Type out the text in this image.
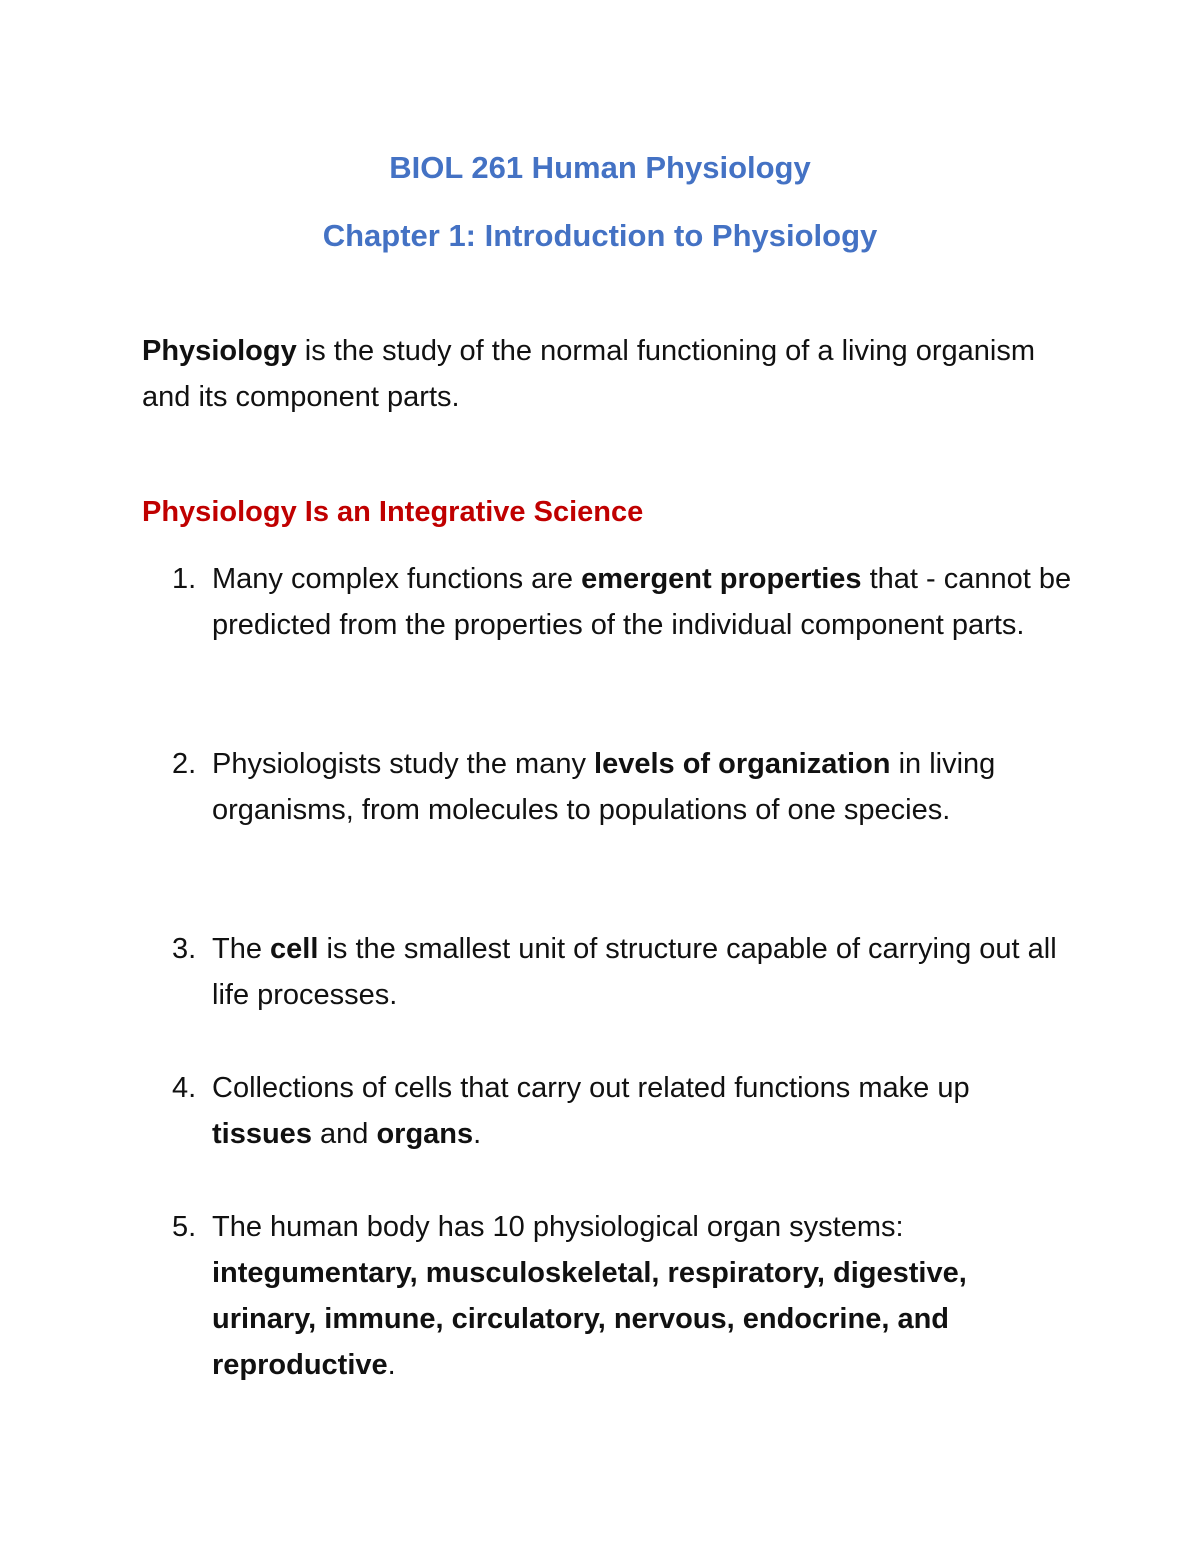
BIOL 261 Human Physiology
Chapter 1: Introduction to Physiology

Physiology is the study of the normal functioning of a living organism and its component parts.

Physiology Is an Integrative Science
1. Many complex functions are emergent properties that - cannot be predicted from the properties of the individual component parts.
2. Physiologists study the many levels of organization in living organisms, from molecules to populations of one species.
3. The cell is the smallest unit of structure capable of carrying out all life processes.
4. Collections of cells that carry out related functions make up tissues and organs.
5. The human body has 10 physiological organ systems: integumentary, musculoskeletal, respiratory, digestive, urinary, immune, circulatory, nervous, endocrine, and reproductive.
